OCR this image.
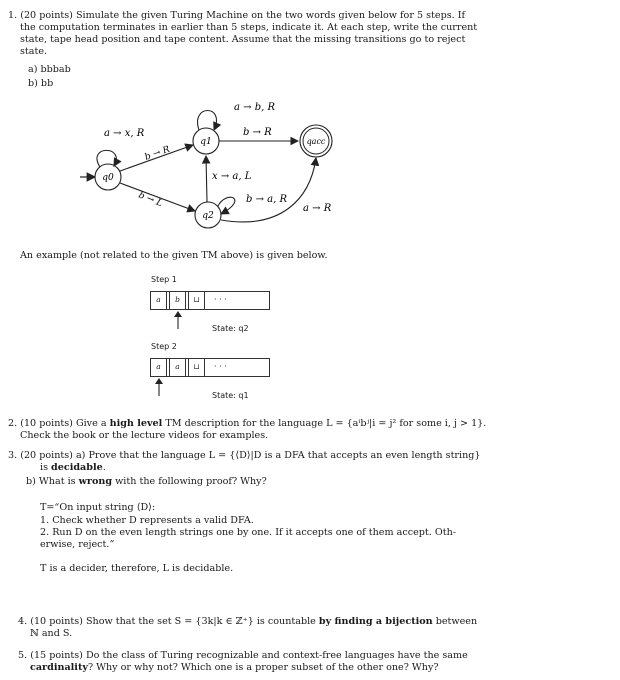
1. (20 points) Simulate the given Turing Machine on the two words given below for 5 steps. If
the computation terminates in earlier than 5 steps, indicate it. At each step, write the current
state, tape head position and tape content. Assume that the missing transitions go to reject
state.
a) bbbab
b) bb
q0
q1
q2
qacc
a → x, R
b → R
b → L
a → b, R
b → R
x → a, L
b → a, R
a → R
An example (not related to the given TM above) is given below.
Step 1
a	b	⊔	· · ·
State: q2
Step 2
a	a	⊔	· · ·
State: q1
2. (10 points) Give a high level TM description for the language L = {aⁱbʲ|i = j² for some i, j > 1}.
Check the book or the lecture videos for examples.
3. (20 points) a) Prove that the language L = {⟨D⟩|D is a DFA that accepts an even length string}
is decidable.
b) What is wrong with the following proof? Why?
T=“On input string ⟨D⟩:
1. Check whether D represents a valid DFA.
2. Run D on the even length strings one by one. If it accepts one of them accept. Oth-
erwise, reject.”
T is a decider, therefore, L is decidable.
4. (10 points) Show that the set S = {3k|k ∈ ℤ⁺} is countable by finding a bijection between
ℕ and S.
5. (15 points) Do the class of Turing recognizable and context-free languages have the same
cardinality? Why or why not? Which one is a proper subset of the other one? Why?
